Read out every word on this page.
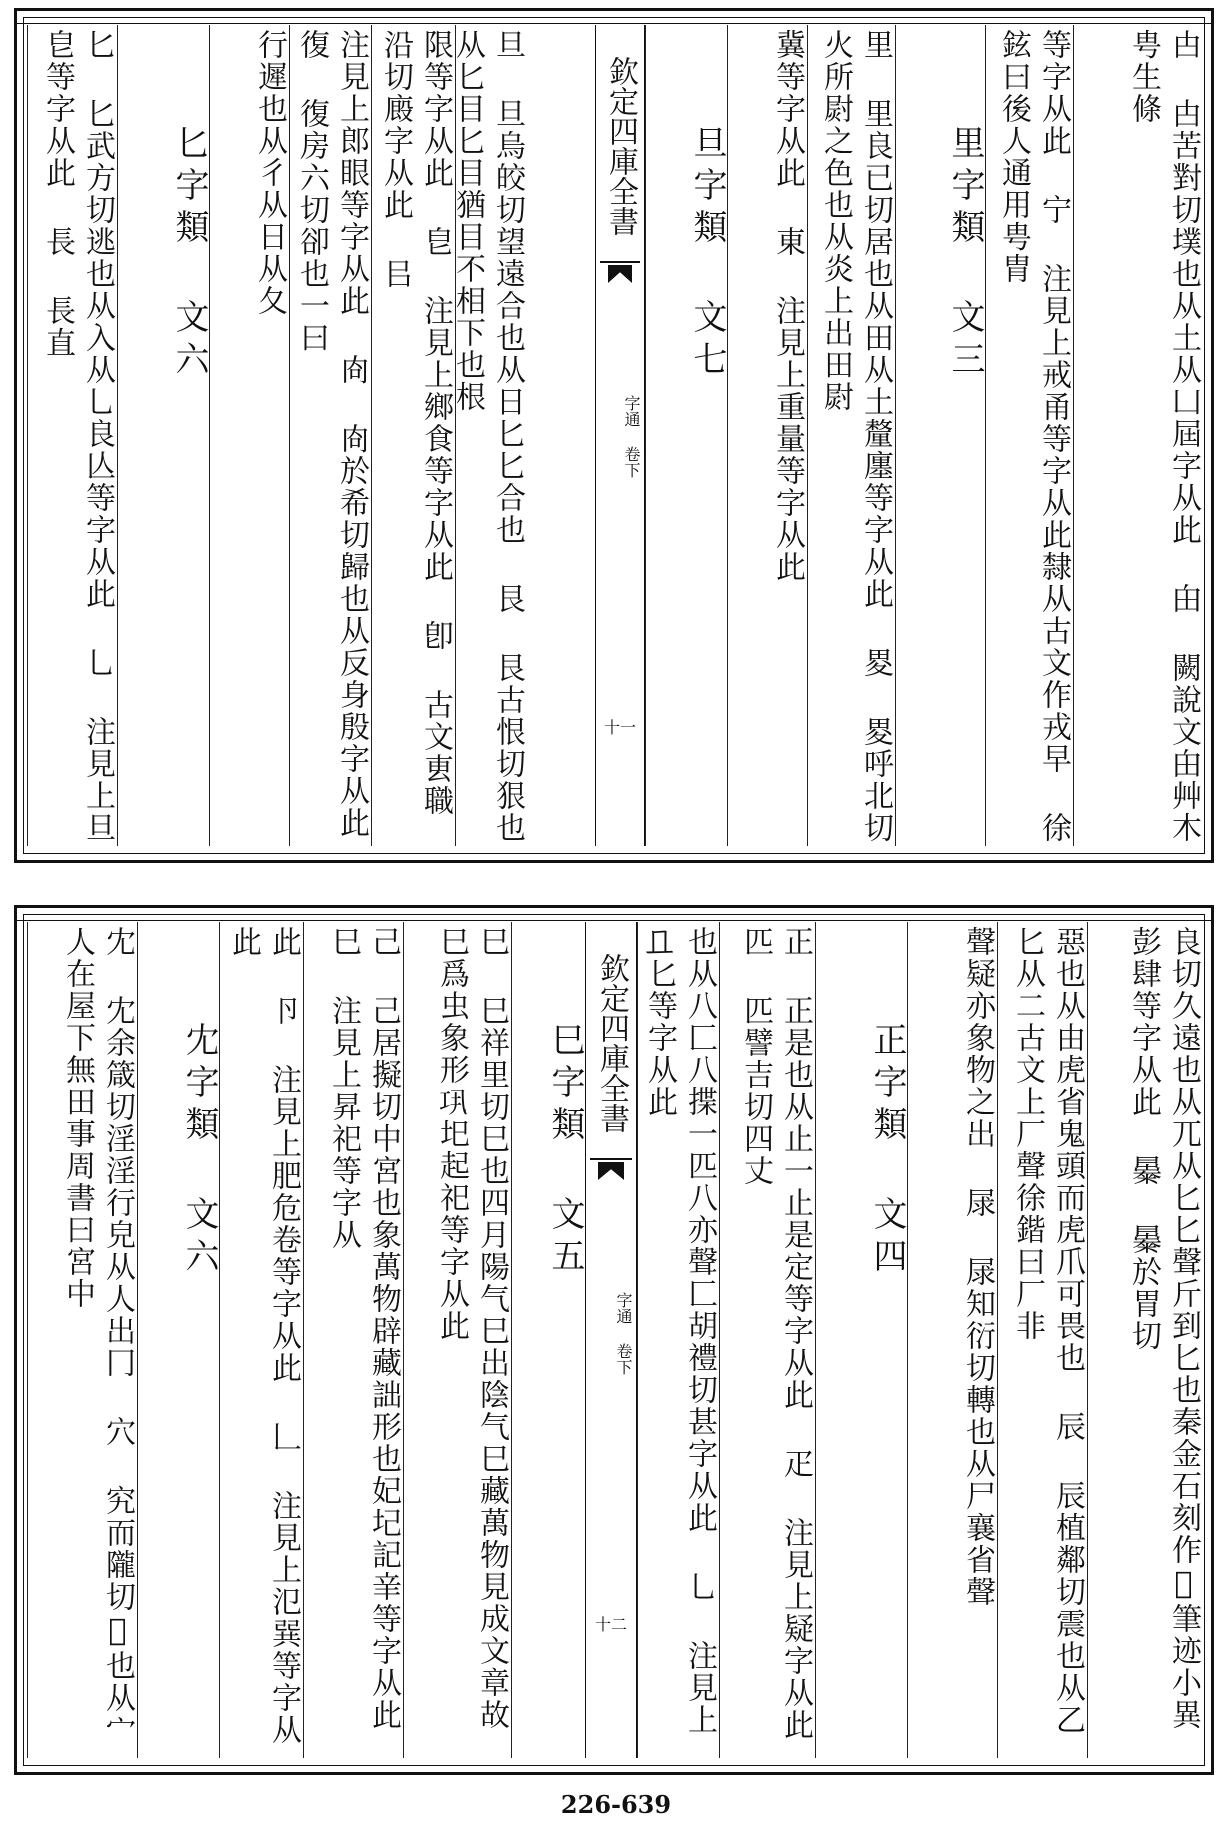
匕 匕武方切逃也从入从乚良亾等字从此 乚 注見上旦皀等字从此 長 長直	匕字類 文六	行遲也从彳从日从夂	注見上郎眼等字从此 㕯 㕯於希切歸也从反身殷字从此 復 復房六切卻也一曰	限等字从此 皀 注見上鄉食等字从此 卽 古文叀職沿切廄字从此 㠯	旦 旦烏皎切望遠合也从日匕匕合也 艮 艮古恨切狠也从匕目匕目猶目不相下也根	欽定四庫全書
字通 卷下
十一
旦字類 文七	冀等字从此 東 注見上重量等字从此	里 里良已切居也从田从土釐廛等字从此 畟 畟呼北切火所㷉之色也从炎上出田㷉	里字類 文三	等字从此 宁 注見上戒甬等字从此隸从古文作戎早 徐鉉曰後人通用甹胄	甴 甴苦對切墣也从土从凵屆字从此 甶 闕說文甶艸木甹生條
冘 冘余箴切淫淫行皃从人出冂 穴 究而隴切𣪁也从宀人在屋下無田事周書曰宮中	冘字類 文六	此 卪 注見上肥危卷等字从此 𠃊 注見上氾𢁉等字从此	己 己居擬切中宮也象萬物辟藏詘形也妃圮記𨐌等字从此 巳 注見上昇祀等字从	巳 巳祥里切巳也四月陽气巳出陰气巳藏萬物見成文章故巳爲虫象形𢀜圯起祀等字从此	巳字類 文五 欽定四庫全書
字通 卷下
十二	也从八匚八揲一匹八亦聲匚胡禮切甚字从此 乚 注見上𠀃匕等字从此	正 正是也从止一止是定等字从此 疋 注見上疑字从此 匹 匹譬吉切四丈	正字類 文四	聲疑亦象物之出 㞗 㞗知衍切轉也从尸襄省聲	惡也从由虎省鬼頭而虎爪可畏也 辰 辰植鄰切震也从乙匕从二古文上厂聲徐鍇曰厂非	良切久遠也从兀从匕匕聲斤到匕也秦金石刻作𨱗筆迹小異彭肆等字从此 㬥 㬥於胃切
226-639
